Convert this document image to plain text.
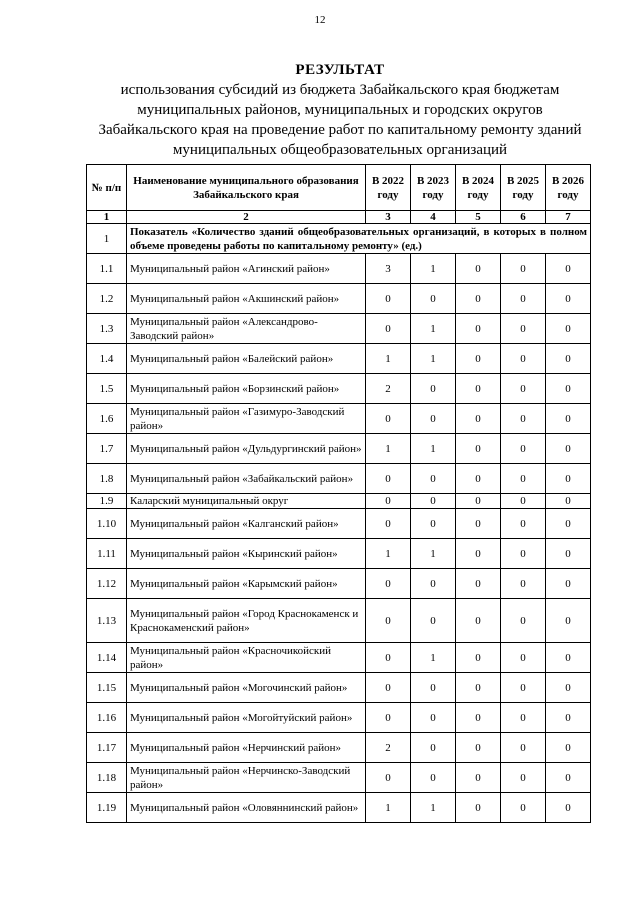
12
РЕЗУЛЬТАТ
использования субсидий из бюджета Забайкальского края бюджетам
муниципальных районов, муниципальных и городских округов
Забайкальского края на проведение работ по капитальному ремонту зданий
муниципальных общеобразовательных организаций
№ п/п	Наименование муниципального образования Забайкальского края	В 2022 году	В 2023 году	В 2024 году	В 2025 году	В 2026 году
1	2	3	4	5	6	7
1	Показатель «Количество зданий общеобразовательных организаций, в которых в полном объеме проведены работы по капитальному ремонту» (ед.)					
1.1	Муниципальный район «Агинский район»	3	1	0	0	0
1.2	Муниципальный район «Акшинский район»	0	0	0	0	0
1.3	Муниципальный район «Александрово-Заводский район»	0	1	0	0	0
1.4	Муниципальный район «Балейский район»	1	1	0	0	0
1.5	Муниципальный район «Борзинский район»	2	0	0	0	0
1.6	Муниципальный район «Газимуро-Заводский район»	0	0	0	0	0
1.7	Муниципальный район «Дульдургинский район»	1	1	0	0	0
1.8	Муниципальный район «Забайкальский район»	0	0	0	0	0
1.9	Каларский муниципальный округ	0	0	0	0	0
1.10	Муниципальный район «Калганский район»	0	0	0	0	0
1.11	Муниципальный район «Кыринский район»	1	1	0	0	0
1.12	Муниципальный район «Карымский район»	0	0	0	0	0
1.13	Муниципальный район «Город Краснокаменск и Краснокаменский район»	0	0	0	0	0
1.14	Муниципальный район «Красночикойский район»	0	1	0	0	0
1.15	Муниципальный район «Могочинский район»	0	0	0	0	0
1.16	Муниципальный район «Могойтуйский район»	0	0	0	0	0
1.17	Муниципальный район «Нерчинский район»	2	0	0	0	0
1.18	Муниципальный район «Нерчинско-Заводский район»	0	0	0	0	0
1.19	Муниципальный район «Оловяннинский район»	1	1	0	0	0
